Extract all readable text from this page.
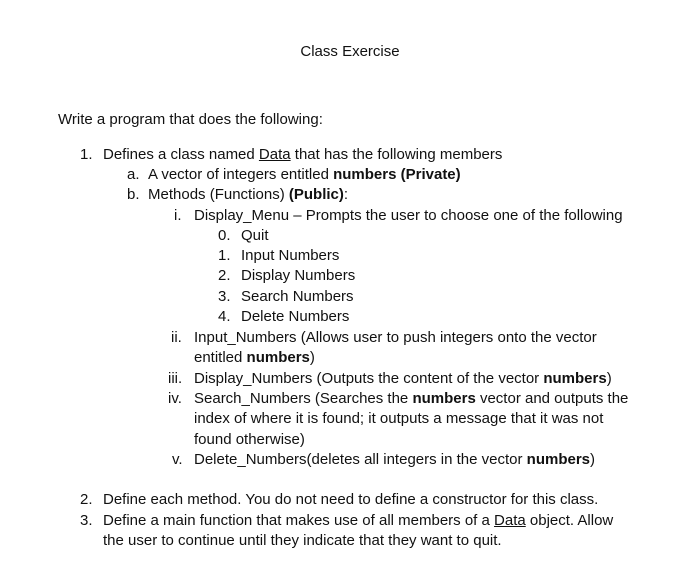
Class Exercise
Write a program that does the following:
1. Defines a class named Data that has the following members
a. A vector of integers entitled numbers (Private)
b. Methods (Functions) (Public):
i. Display_Menu – Prompts the user to choose one of the following
0. Quit
1. Input Numbers
2. Display Numbers
3. Search Numbers
4. Delete Numbers
ii. Input_Numbers (Allows user to push integers onto the vector
entitled numbers)
iii. Display_Numbers (Outputs the content of the vector numbers)
iv. Search_Numbers (Searches the numbers vector and outputs the
index of where it is found; it outputs a message that it was not
found otherwise)
v. Delete_Numbers(deletes all integers in the vector numbers)
2. Define each method. You do not need to define a constructor for this class.
3. Define a main function that makes use of all members of a Data object. Allow
the user to continue until they indicate that they want to quit.
